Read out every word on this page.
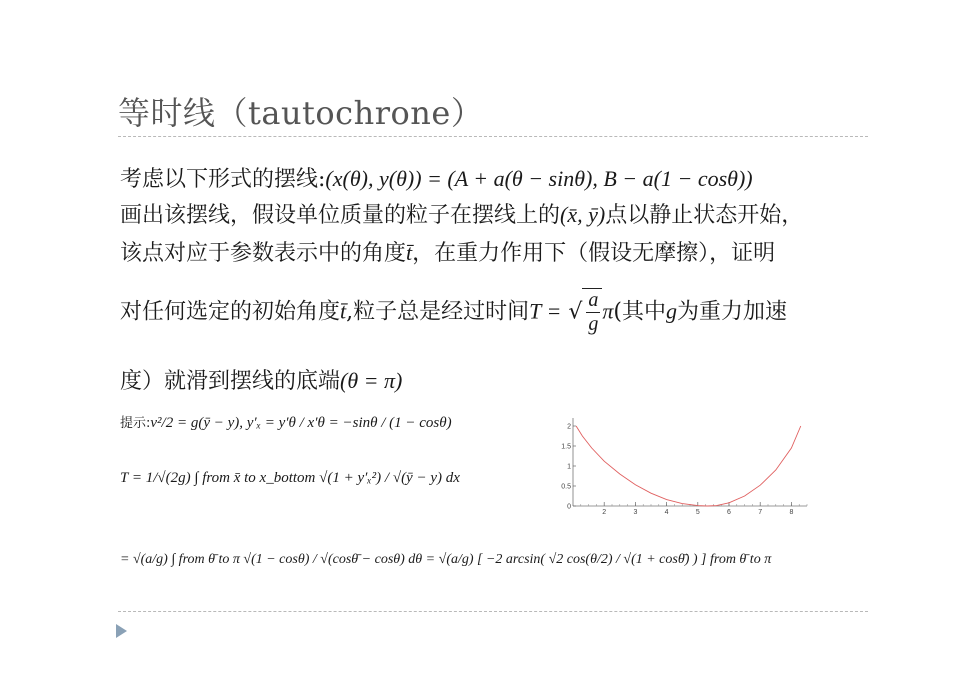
等时线（tautochrone）
考虑以下形式的摆线:(x(θ), y(θ)) = (A + a(θ − sinθ), B − a(1 − cosθ))
画出该摆线，假设单位质量的粒子在摆线上的(x̄, ȳ)点以静止状态开始，
该点对应于参数表示中的角度t̄，在重力作用下（假设无摩擦），证明
对任何选定的初始角度t̄,粒子总是经过时间T = √ $\frac{a}{g} \pi$(其中g为重力加速
度）就滑到摆线的底端(θ = π)
提示:v²/2 = g(ȳ − y), y′ₓ = y′θ / x′θ = −sinθ / (1 − cosθ)
T = 1/√(2g) ∫ from x̄ to x_bottom √(1 + y′ₓ²) / √(ȳ − y) dx
= √(a/g) ∫ from θ̄ to π √(1 − cosθ) / √(cosθ̄ − cosθ) dθ = √(a/g) [ −2 arcsin( √2 cos(θ/2) / √(1 + cosθ̄) ) ] from θ̄ to π
2	3	4	5	6	7	8
0
0.5
1
1.5
2
